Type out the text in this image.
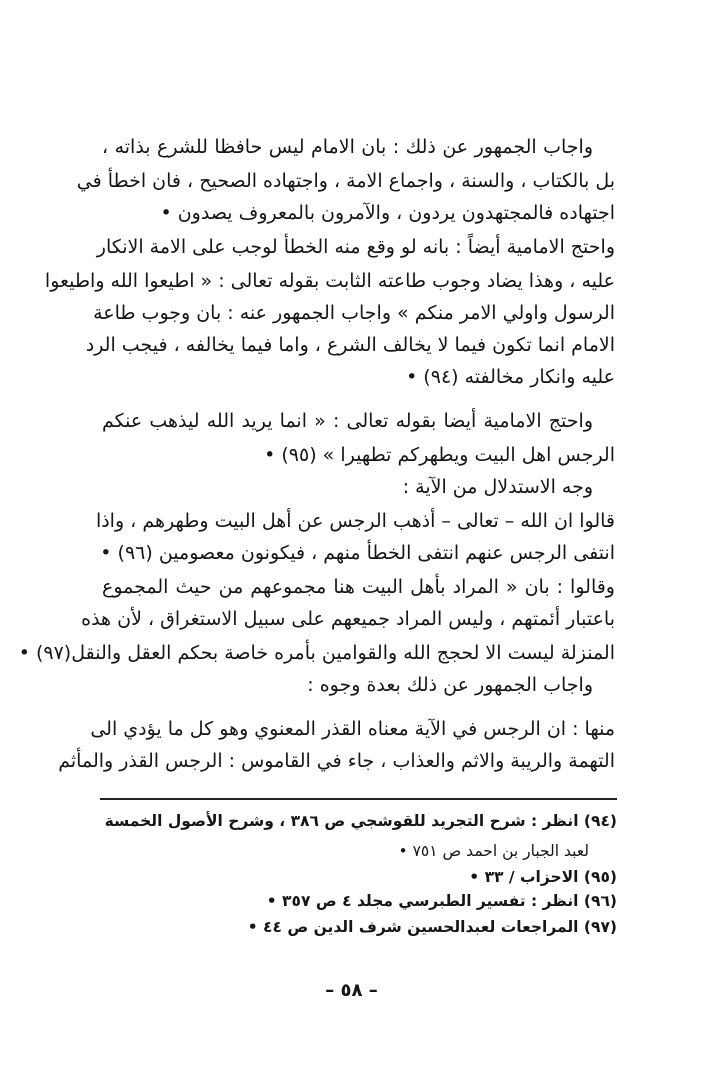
واجاب الجمهور عن ذلك : بان الامام ليس حافظا للشرع بذاته ،
بل بالكتاب ، والسنة ، واجماع الامة ، واجتهاده الصحيح ، فان اخطأ في
اجتهاده فالمجتهدون يردون ، والآمرون بالمعروف يصدون •
واحتج الامامية أيضاً : بانه لو وقع منه الخطأ لوجب على الامة الانكار
عليه ، وهذا يضاد وجوب طاعته الثابت بقوله تعالى : « اطيعوا الله واطيعوا
الرسول واولي الامر منكم » واجاب الجمهور عنه : بان وجوب طاعة
الامام انما تكون فيما لا يخالف الشرع ، واما فيما يخالفه ، فيجب الرد
عليه وانكار مخالفته (٩٤) •
واحتج الامامية أيضا بقوله تعالى : « انما يريد الله ليذهب عنكم
الرجس اهل البيت ويطهركم تطهيرا » (٩٥) •
وجه الاستدلال من الآية :
قالوا ان الله – تعالى – أذهب الرجس عن أهل البيت وطهرهم ، واذا
انتفى الرجس عنهم انتفى الخطأ منهم ، فيكونون معصومين (٩٦) •
وقالوا : بان « المراد بأهل البيت هنا مجموعهم من حيث المجموع
باعتبار أئمتهم ، وليس المراد جميعهم على سبيل الاستغراق ، لأن هذه
المنزلة ليست الا لحجج الله والقوامين بأمره خاصة بحكم العقل والنقل(٩٧) •
واجاب الجمهور عن ذلك بعدة وجوه :
منها : ان الرجس في الآية معناه القذر المعنوي وهو كل ما يؤدي الى
التهمة والريبة والاثم والعذاب ، جاء في القاموس : الرجس القذر والمأثم
(٩٤) انظر : شرح التجريد للقوشجي ص ٣٨٦ ، وشرح الأصول الخمسة
لعبد الجبار بن احمد ص ٧٥١ •
(٩٥) الاحزاب / ٣٣ •
(٩٦) انظر : تفسير الطبرسي مجلد ٤ ص ٣٥٧ •
(٩٧) المراجعات لعبدالحسين شرف الدين ص ٤٤ •
– ٥٨ –
